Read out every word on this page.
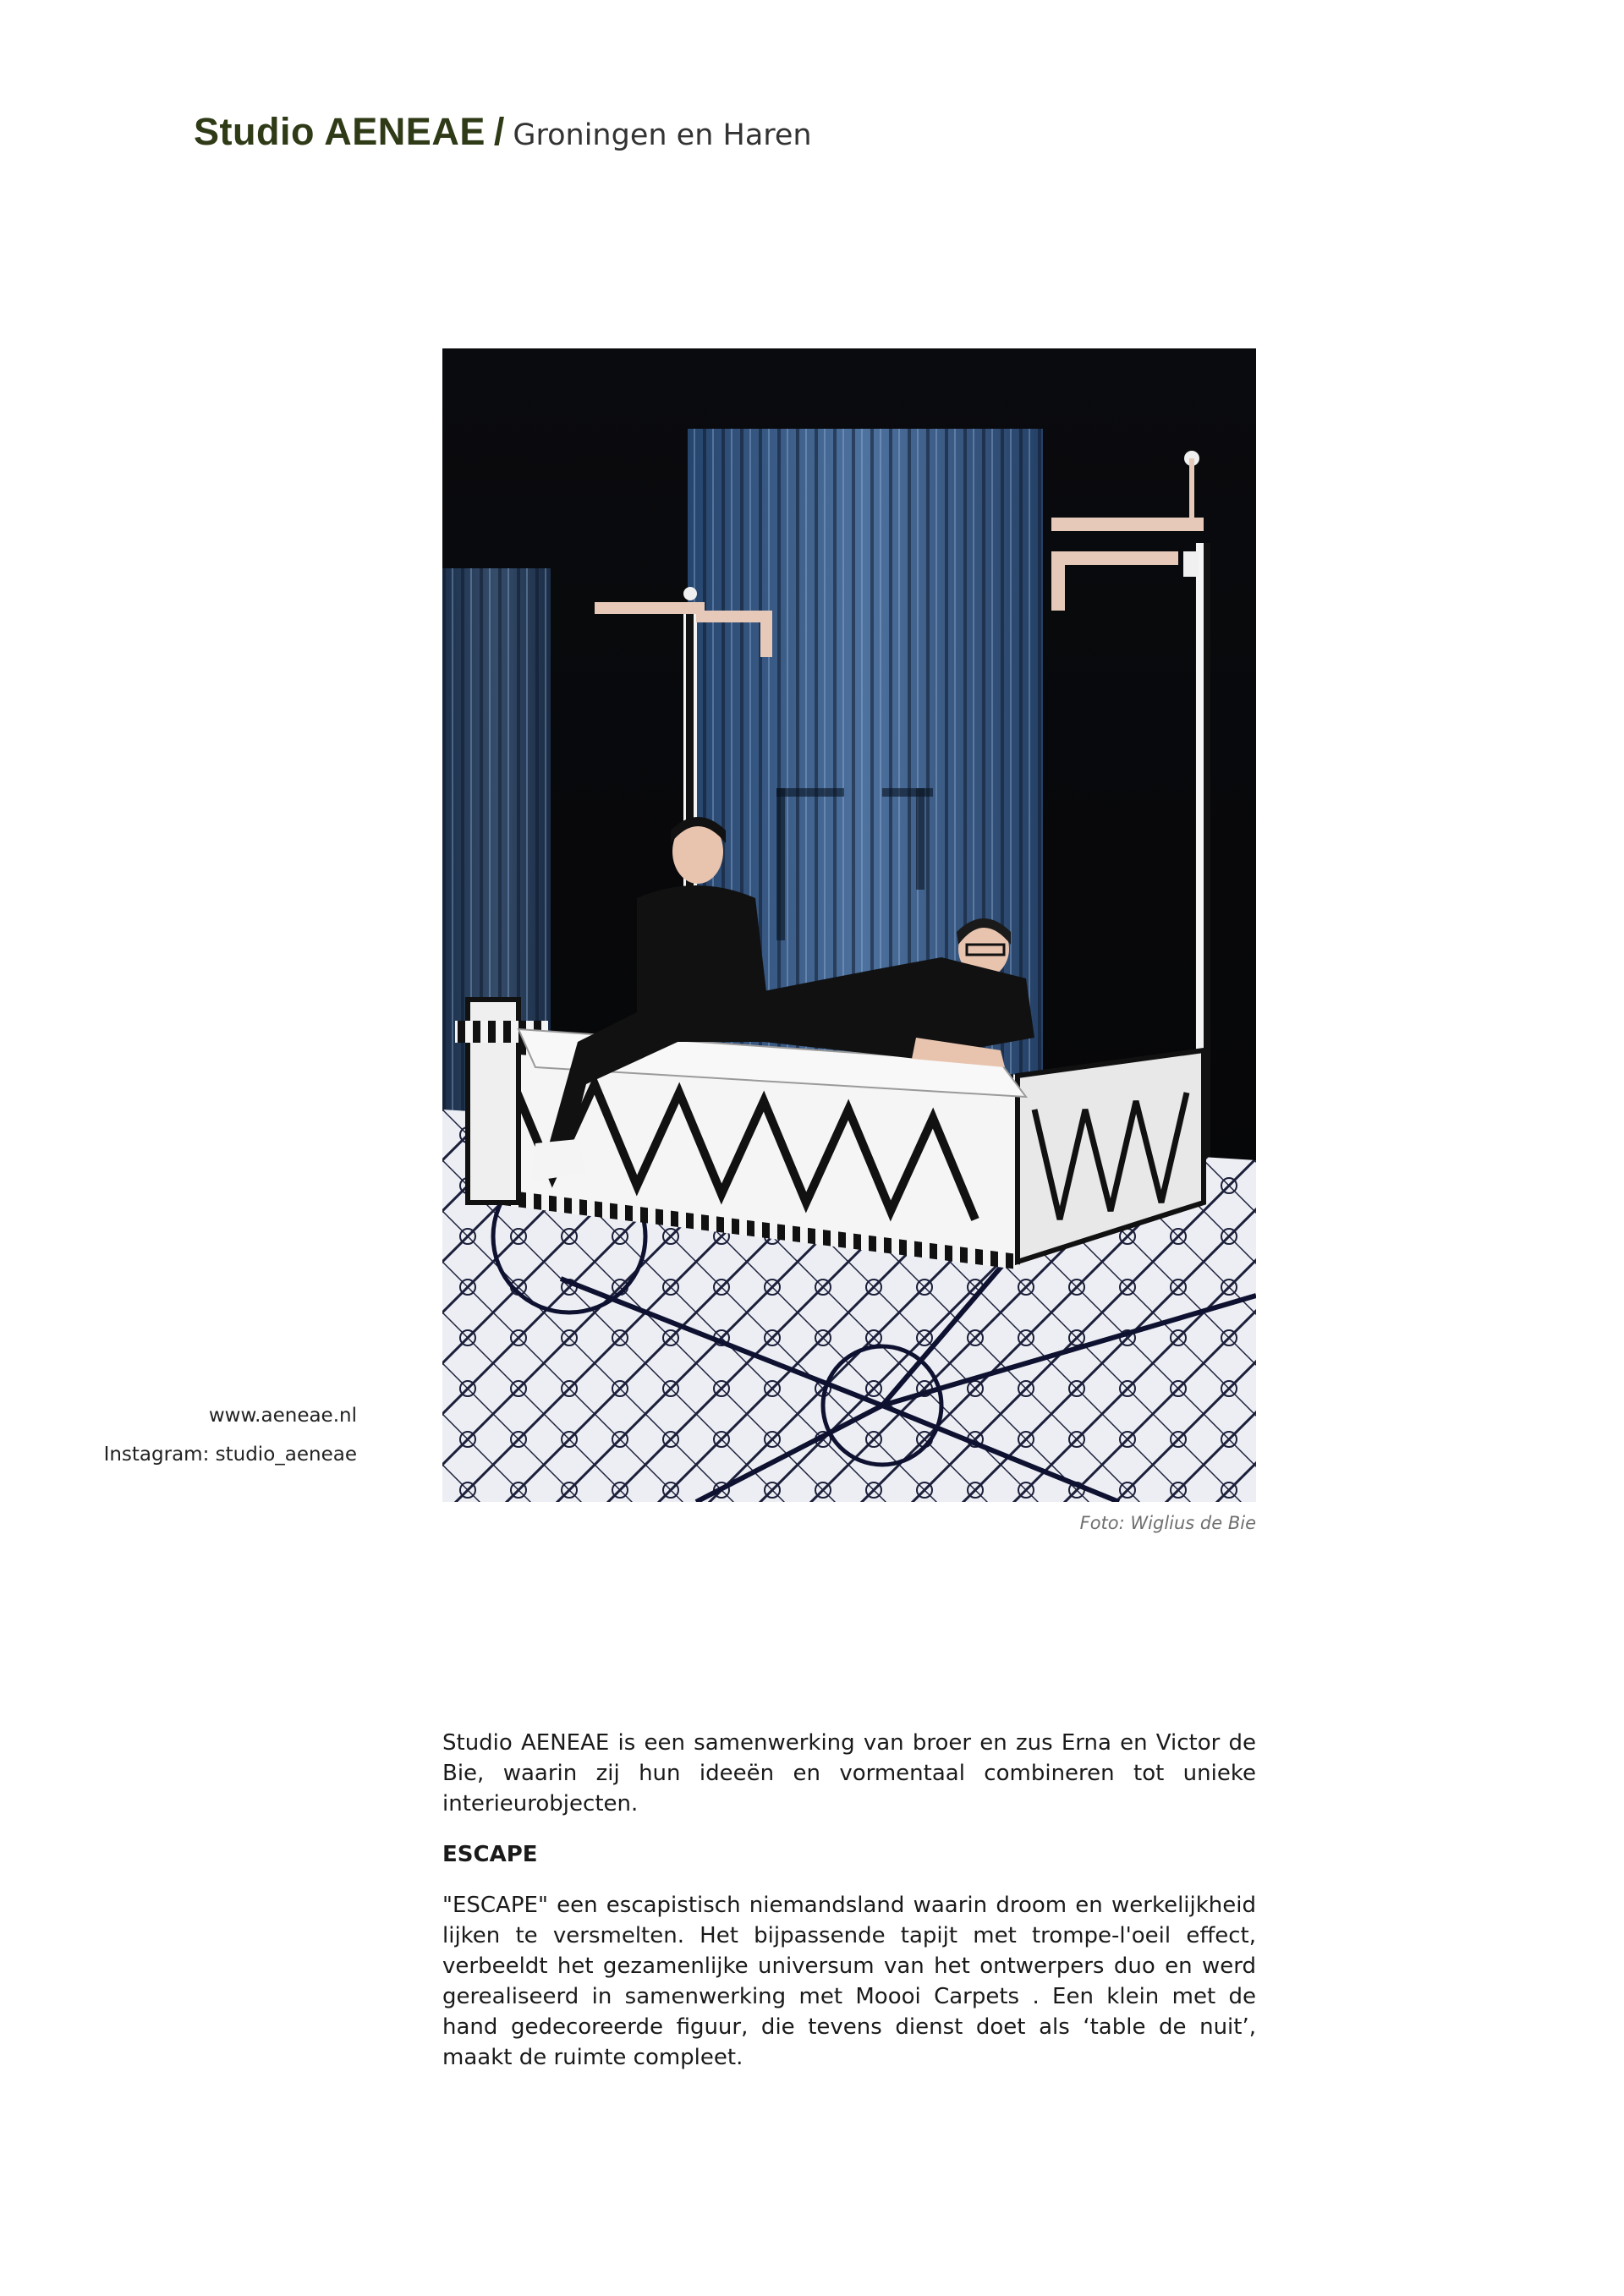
Studio AENEAE / Groningen en Haren
www.aeneae.nl
Instagram: studio_aeneae
Foto: Wiglius de Bie

Studio AENEAE is een samenwerking van broer en zus Erna en Victor de Bie, waarin zij hun ideeën en vormentaal combineren tot unieke interieurobjecten.

ESCAPE

"ESCAPE" een escapistisch niemandsland waarin droom en werkelijkheid lijken te versmelten. Het bijpassende tapijt met trompe-l'oeil effect, verbeeldt het gezamenlijke universum van het ontwerpers duo en werd gerealiseerd in samenwerking met Moooi Carpets . Een klein met de hand gedecoreerde figuur, die tevens dienst doet als ‘table de nuit’, maakt de ruimte compleet.
